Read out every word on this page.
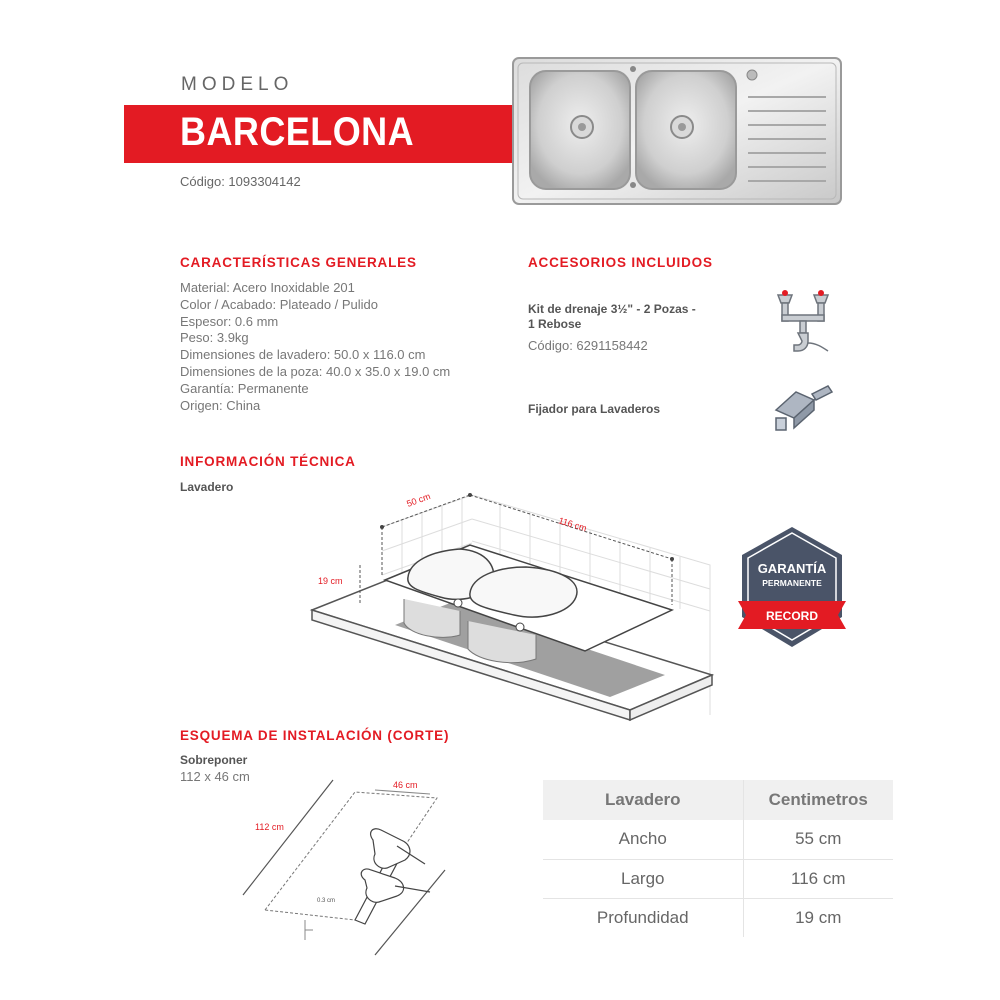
MODELO
BARCELONA
Código: 1093304142
CARACTERÍSTICAS GENERALES
Material: Acero Inoxidable 201
Color / Acabado: Plateado / Pulido
Espesor: 0.6 mm
Peso: 3.9kg
Dimensiones de lavadero: 50.0 x 116.0 cm
Dimensiones de la poza: 40.0 x 35.0 x 19.0 cm
Garantía: Permanente
Origen: China
ACCESORIOS INCLUIDOS
Kit de drenaje 3½" - 2 Pozas -
1 Rebose
Código: 6291158442
Fijador para Lavaderos
INFORMACIÓN TÉCNICA
Lavadero
50 cm
116 cm
19 cm
GARANTÍA
PERMANENTE
RECORD
ESQUEMA DE INSTALACIÓN (CORTE)
Sobreponer
112 x 46 cm
46 cm
112 cm
0.3 cm
Lavadero	Centimetros
Ancho	55 cm
Largo	116 cm
Profundidad	19 cm
